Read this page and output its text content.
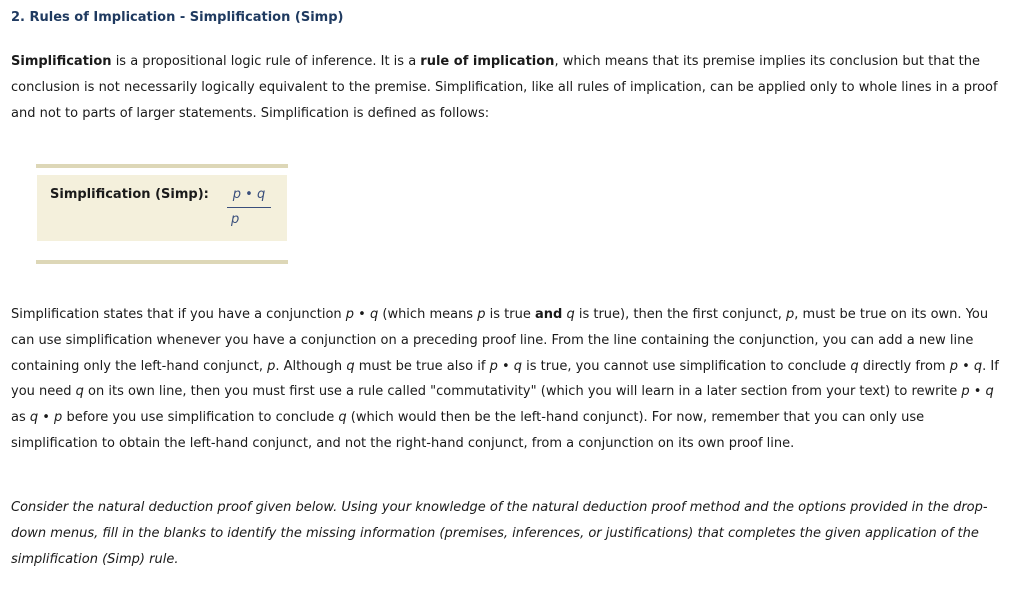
2. Rules of Implication - Simplification (Simp)

Simplification is a propositional logic rule of inference. It is a rule of implication, which means that its premise implies its conclusion but that the conclusion is not necessarily logically equivalent to the premise. Simplification, like all rules of implication, can be applied only to whole lines in a proof and not to parts of larger statements. Simplification is defined as follows:

Simplification (Simp):	p • q
p

Simplification states that if you have a conjunction p • q (which means p is true and q is true), then the first conjunct, p, must be true on its own. You can use simplification whenever you have a conjunction on a preceding proof line. From the line containing the conjunction, you can add a new line containing only the left-hand conjunct, p. Although q must be true also if p • q is true, you cannot use simplification to conclude q directly from p • q. If you need q on its own line, then you must first use a rule called "commutativity" (which you will learn in a later section from your text) to rewrite p • q as q • p before you use simplification to conclude q (which would then be the left-hand conjunct). For now, remember that you can only use simplification to obtain the left-hand conjunct, and not the right-hand conjunct, from a conjunction on its own proof line.

Consider the natural deduction proof given below. Using your knowledge of the natural deduction proof method and the options provided in the drop-down menus, fill in the blanks to identify the missing information (premises, inferences, or justifications) that completes the given application of the simplification (Simp) rule.
